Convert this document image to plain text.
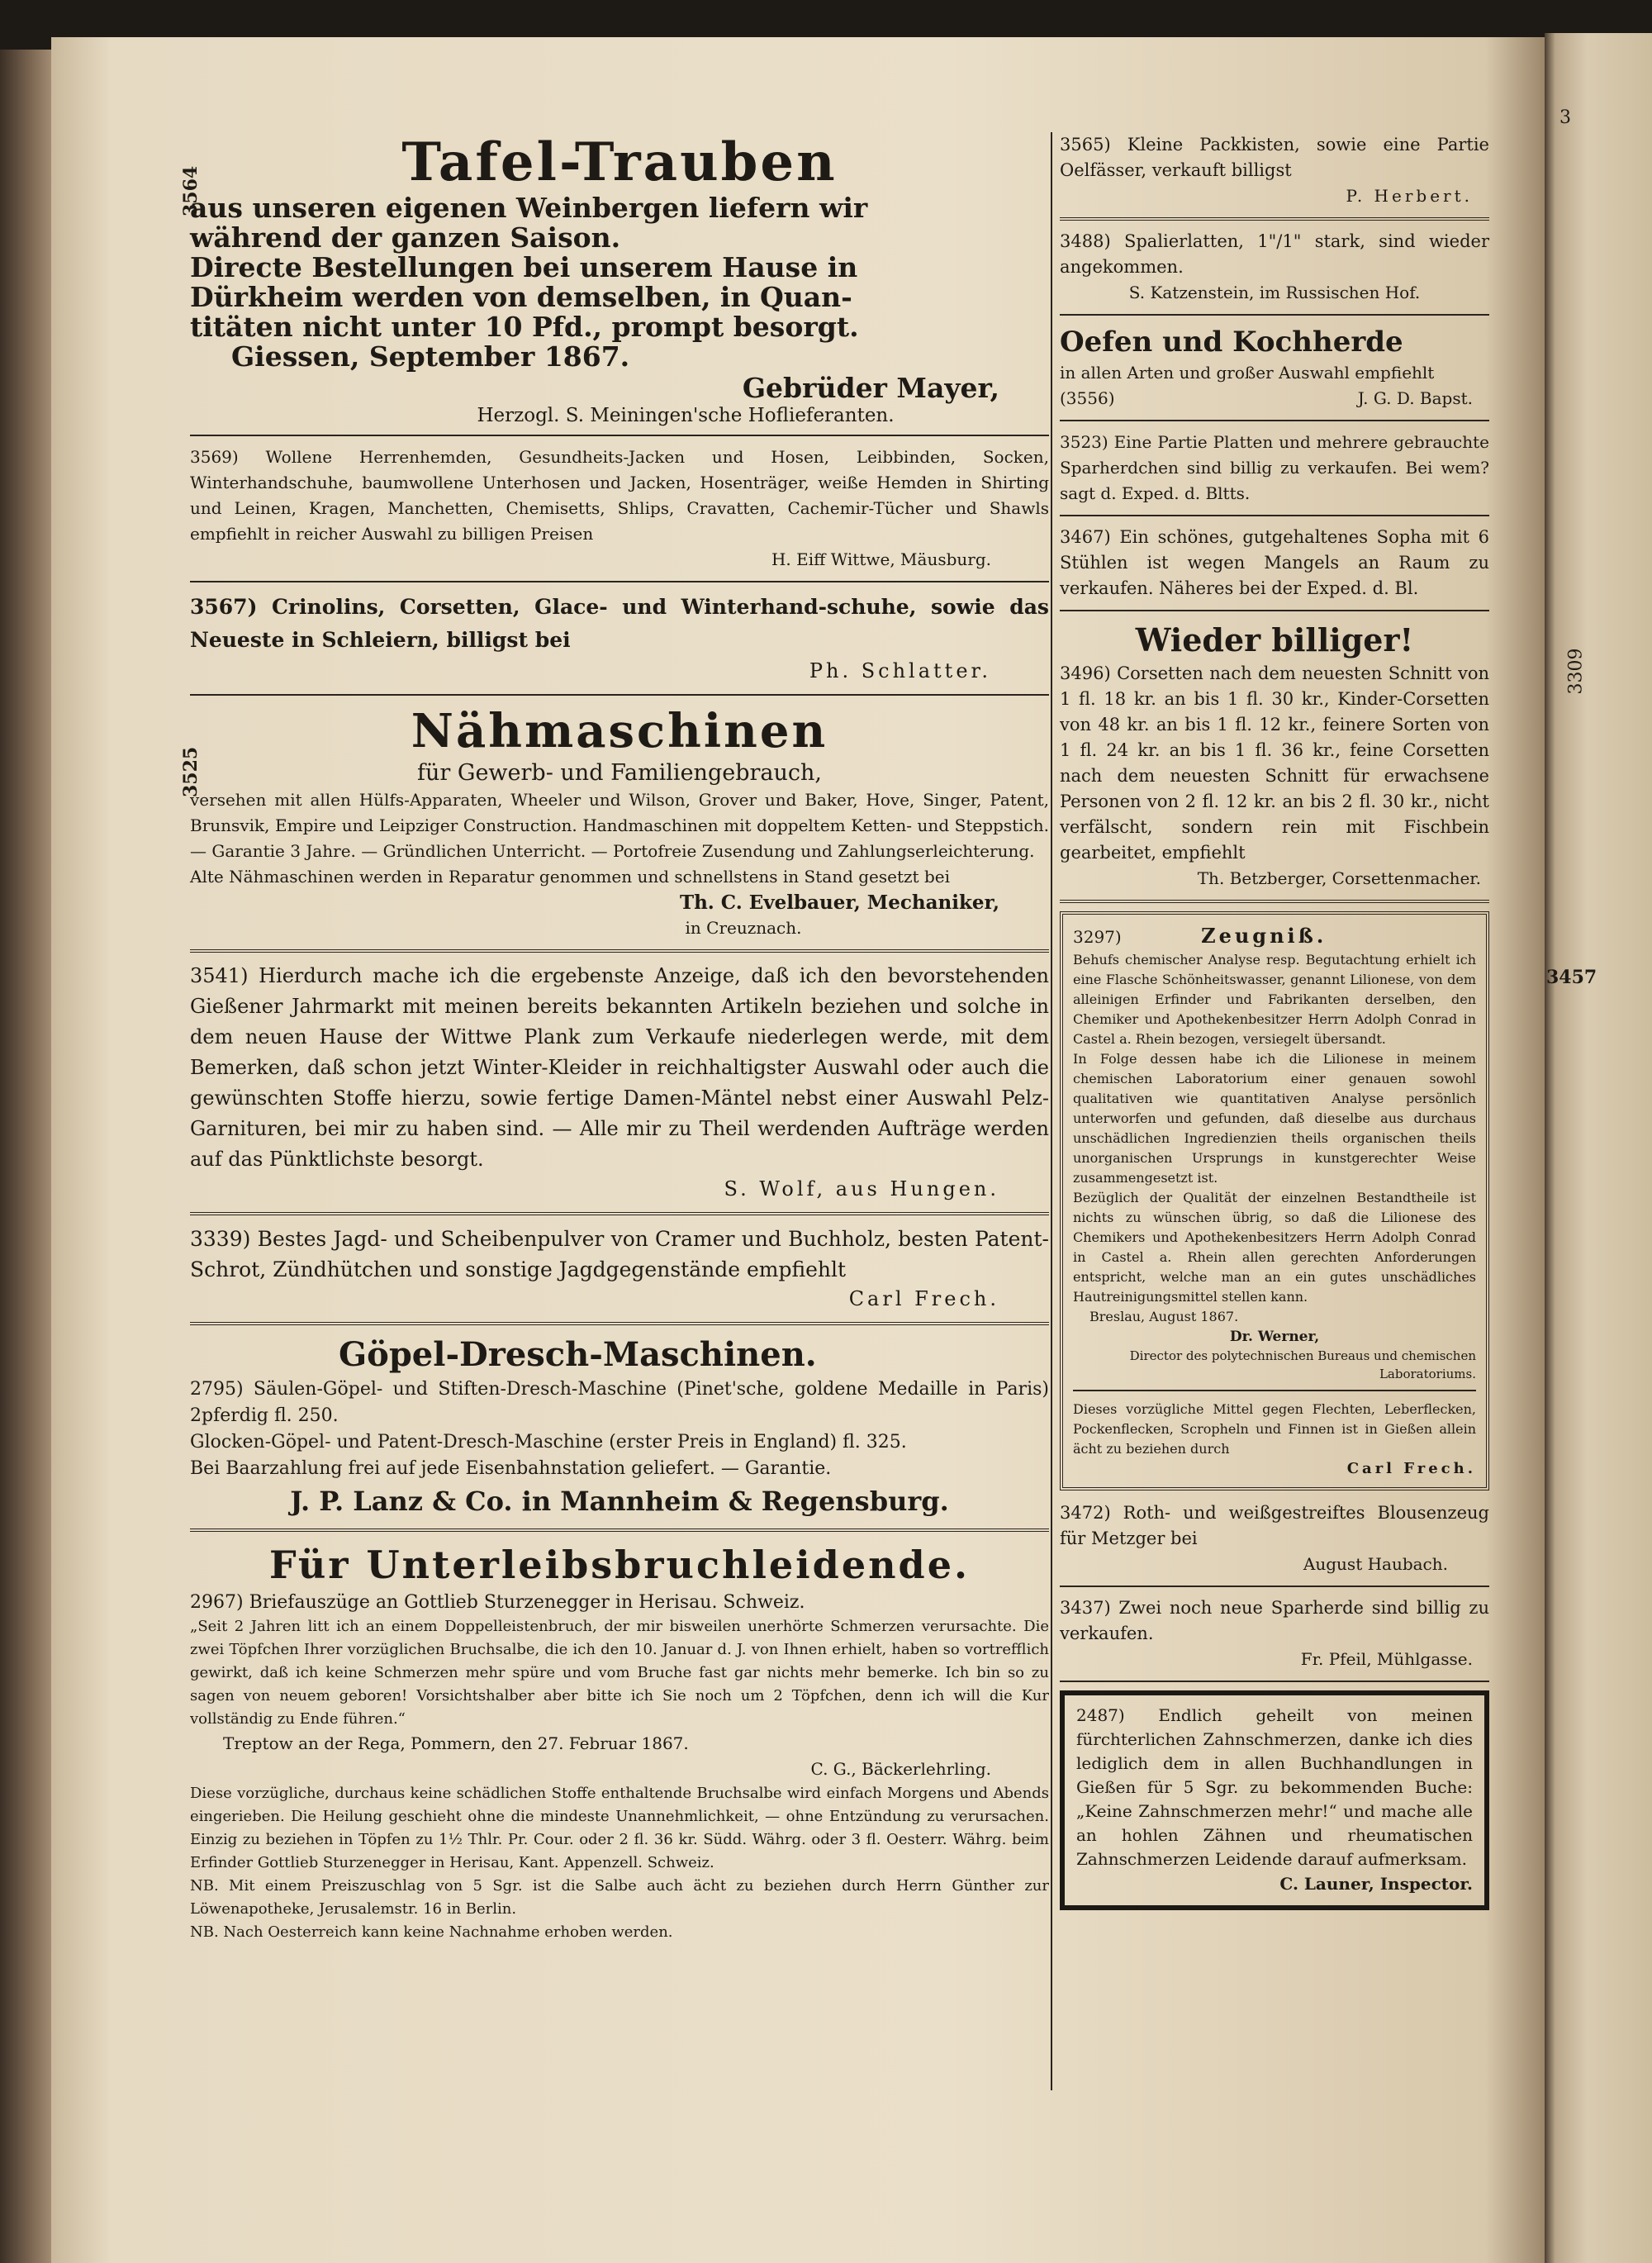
3
3309
3457
3564
3525
Tafel-Trauben
aus unseren eigenen Weinbergen liefern wir
während der ganzen Saison.
Directe Bestellungen bei unserem Hause in
Dürkheim werden von demselben, in Quan-
titäten nicht unter 10 Pfd., prompt besorgt.
Giessen, September 1867.
Gebrüder Mayer,
Herzogl. S. Meiningen'sche Hoflieferanten.
3569) Wollene Herrenhemden, Gesundheits-Jacken und Hosen, Leibbinden, Socken, Winterhandschuhe, baumwollene Unterhosen und Jacken, Hosenträger, weiße Hemden in Shirting und Leinen, Kragen, Manchetten, Chemisetts, Shlips, Cravatten, Cachemir-Tücher und Shawls empfiehlt in reicher Auswahl zu billigen Preisen
H. Eiff Wittwe, Mäusburg.
3567) Crinolins, Corsetten, Glace- und Winterhand-schuhe, sowie das Neueste in Schleiern, billigst bei
Ph. Schlatter.
Nähmaschinen
für Gewerb- und Familiengebrauch,
versehen mit allen Hülfs-Apparaten, Wheeler und Wilson, Grover und Baker, Hove, Singer, Patent, Brunsvik, Empire und Leipziger Construction. Handmaschinen mit doppeltem Ketten- und Steppstich. — Garantie 3 Jahre. — Gründlichen Unterricht. — Portofreie Zusendung und Zahlungserleichterung.
Alte Nähmaschinen werden in Reparatur genommen und schnellstens in Stand gesetzt bei
Th. C. Evelbauer, Mechaniker,
in Creuznach.
3541) Hierdurch mache ich die ergebenste Anzeige, daß ich den bevorstehenden Gießener Jahrmarkt mit meinen bereits bekannten Artikeln beziehen und solche in dem neuen Hause der Wittwe Plank zum Verkaufe niederlegen werde, mit dem Bemerken, daß schon jetzt Winter-Kleider in reichhaltigster Auswahl oder auch die gewünschten Stoffe hierzu, sowie fertige Damen-Mäntel nebst einer Auswahl Pelz-Garnituren, bei mir zu haben sind. — Alle mir zu Theil werdenden Aufträge werden auf das Pünktlichste besorgt.
S. Wolf, aus Hungen.
3339) Bestes Jagd- und Scheibenpulver von Cramer und Buchholz, besten Patent-Schrot, Zündhütchen und sonstige Jagdgegenstände empfiehlt
Carl Frech.
Göpel-Dresch-Maschinen.
2795) Säulen-Göpel- und Stiften-Dresch-Maschine (Pinet'sche, goldene Medaille in Paris) 2pferdig fl. 250.
Glocken-Göpel- und Patent-Dresch-Maschine (erster Preis in England) fl. 325.
Bei Baarzahlung frei auf jede Eisenbahnstation geliefert. — Garantie.
J. P. Lanz & Co. in Mannheim & Regensburg.
Für Unterleibsbruchleidende.
2967) Briefauszüge an Gottlieb Sturzenegger in Herisau. Schweiz.
„Seit 2 Jahren litt ich an einem Doppelleistenbruch, der mir bisweilen unerhörte Schmerzen verursachte. Die zwei Töpfchen Ihrer vorzüglichen Bruchsalbe, die ich den 10. Januar d. J. von Ihnen erhielt, haben so vortrefflich gewirkt, daß ich keine Schmerzen mehr spüre und vom Bruche fast gar nichts mehr bemerke. Ich bin so zu sagen von neuem geboren! Vorsichtshalber aber bitte ich Sie noch um 2 Töpfchen, denn ich will die Kur vollständig zu Ende führen.“
Treptow an der Rega, Pommern, den 27. Februar 1867.
C. G., Bäckerlehrling.
Diese vorzügliche, durchaus keine schädlichen Stoffe enthaltende Bruchsalbe wird einfach Morgens und Abends eingerieben. Die Heilung geschieht ohne die mindeste Unannehmlichkeit, — ohne Entzündung zu verursachen. Einzig zu beziehen in Töpfen zu 1½ Thlr. Pr. Cour. oder 2 fl. 36 kr. Südd. Währg. oder 3 fl. Oesterr. Währg. beim Erfinder Gottlieb Sturzenegger in Herisau, Kant. Appenzell. Schweiz.
NB. Mit einem Preiszuschlag von 5 Sgr. ist die Salbe auch ächt zu beziehen durch Herrn Günther zur Löwenapotheke, Jerusalemstr. 16 in Berlin.
NB. Nach Oesterreich kann keine Nachnahme erhoben werden.
3565) Kleine Packkisten, sowie eine Partie Oelfässer, verkauft billigst
P. Herbert.
3488) Spalierlatten, 1"/1" stark, sind wieder angekommen.
S. Katzenstein, im Russischen Hof.
Oefen und Kochherde
in allen Arten und großer Auswahl empfiehlt
(3556)	J. G. D. Bapst.
3523) Eine Partie Platten und mehrere gebrauchte Sparherdchen sind billig zu verkaufen. Bei wem? sagt d. Exped. d. Bltts.
3467) Ein schönes, gutgehaltenes Sopha mit 6 Stühlen ist wegen Mangels an Raum zu verkaufen. Näheres bei der Exped. d. Bl.
Wieder billiger!
3496) Corsetten nach dem neuesten Schnitt von 1 fl. 18 kr. an bis 1 fl. 30 kr., Kinder-Corsetten von 48 kr. an bis 1 fl. 12 kr., feinere Sorten von 1 fl. 24 kr. an bis 1 fl. 36 kr., feine Corsetten nach dem neuesten Schnitt für erwachsene Personen von 2 fl. 12 kr. an bis 2 fl. 30 kr., nicht verfälscht, sondern rein mit Fischbein gearbeitet, empfiehlt
Th. Betzberger, Corsettenmacher.
3297)	Zeugniß.
Behufs chemischer Analyse resp. Begutachtung erhielt ich eine Flasche Schönheitswasser, genannt Lilionese, von dem alleinigen Erfinder und Fabrikanten derselben, den Chemiker und Apothekenbesitzer Herrn Adolph Conrad in Castel a. Rhein bezogen, versiegelt übersandt.
In Folge dessen habe ich die Lilionese in meinem chemischen Laboratorium einer genauen sowohl qualitativen wie quantitativen Analyse persönlich unterworfen und gefunden, daß dieselbe aus durchaus unschädlichen Ingredienzien theils organischen theils unorganischen Ursprungs in kunstgerechter Weise zusammengesetzt ist.
Bezüglich der Qualität der einzelnen Bestandtheile ist nichts zu wünschen übrig, so daß die Lilionese des Chemikers und Apothekenbesitzers Herrn Adolph Conrad in Castel a. Rhein allen gerechten Anforderungen entspricht, welche man an ein gutes unschädliches Hautreinigungsmittel stellen kann.
Breslau, August 1867.
Dr. Werner,
Director des polytechnischen Bureaus und chemischen Laboratoriums.
Dieses vorzügliche Mittel gegen Flechten, Leberflecken, Pockenflecken, Scropheln und Finnen ist in Gießen allein ächt zu beziehen durch
Carl Frech.
3472) Roth- und weißgestreiftes Blousenzeug für Metzger bei
August Haubach.
3437) Zwei noch neue Sparherde sind billig zu verkaufen.
Fr. Pfeil, Mühlgasse.
2487) Endlich geheilt von meinen fürchterlichen Zahnschmerzen, danke ich dies lediglich dem in allen Buchhandlungen in Gießen für 5 Sgr. zu bekommenden Buche: „Keine Zahnschmerzen mehr!“ und mache alle an hohlen Zähnen und rheumatischen Zahnschmerzen Leidende darauf aufmerksam.
C. Launer, Inspector.
